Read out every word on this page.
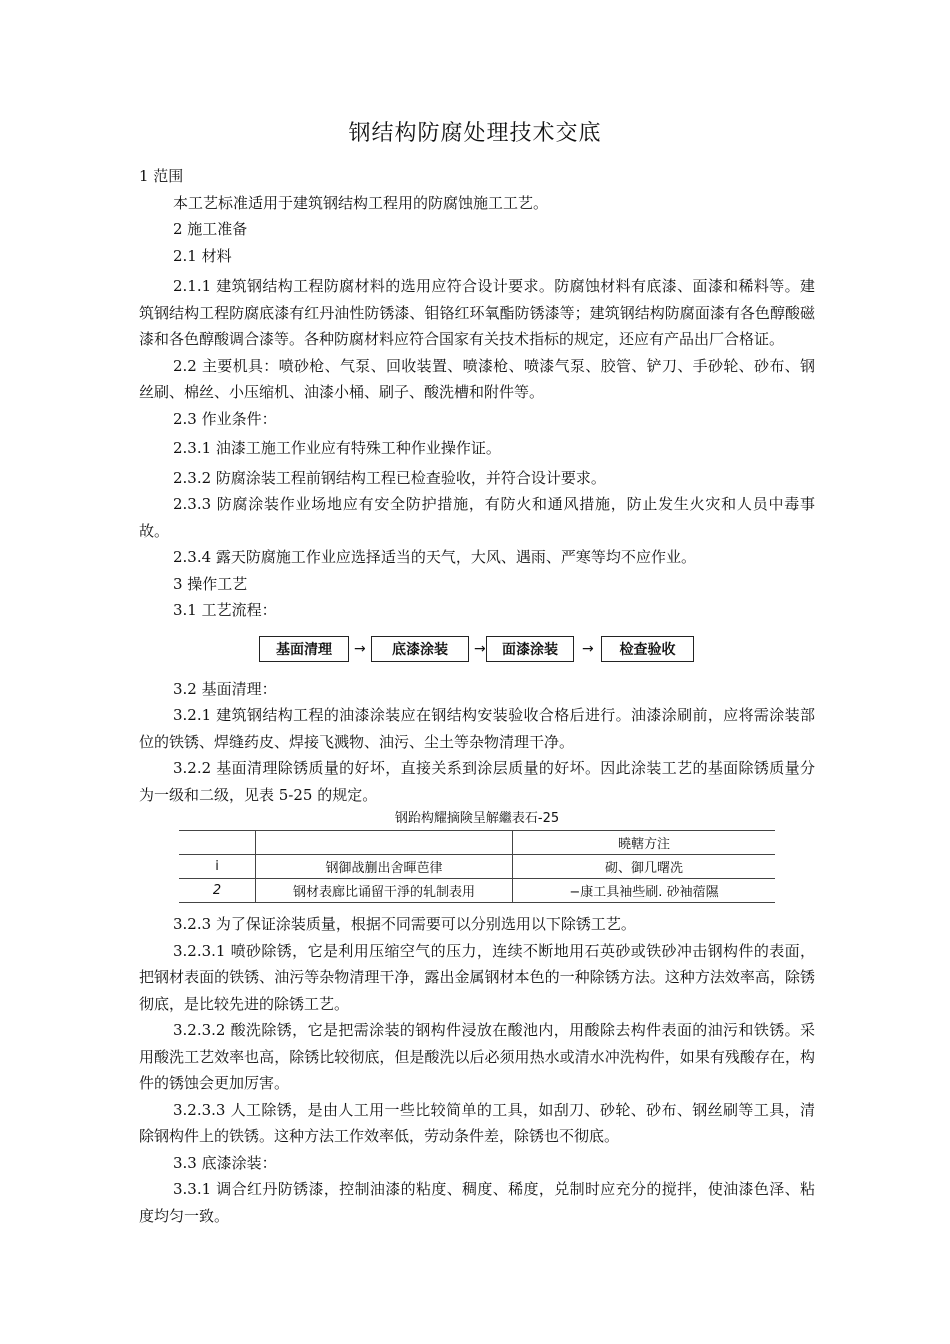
钢结构防腐处理技术交底

1 范围

本工艺标准适用于建筑钢结构工程用的防腐蚀施工工艺。

2 施工准备

2.1 材料

2.1.1 建筑钢结构工程防腐材料的选用应符合设计要求。防腐蚀材料有底漆、面漆和稀料等。建筑钢结构工程防腐底漆有红丹油性防锈漆、钼铬红环氧酯防锈漆等；建筑钢结构防腐面漆有各色醇酸磁漆和各色醇酸调合漆等。各种防腐材料应符合国家有关技术指标的规定，还应有产品出厂合格证。

2.2 主要机具：喷砂枪、气泵、回收装置、喷漆枪、喷漆气泵、胶管、铲刀、手砂轮、砂布、钢丝刷、棉丝、小压缩机、油漆小桶、刷子、酸洗槽和附件等。

2.3 作业条件：

2.3.1 油漆工施工作业应有特殊工种作业操作证。

2.3.2 防腐涂装工程前钢结构工程已检查验收，并符合设计要求。

2.3.3 防腐涂装作业场地应有安全防护措施，有防火和通风措施，防止发生火灾和人员中毒事故。

2.3.4 露天防腐施工作业应选择适当的天气，大风、遇雨、严寒等均不应作业。

3 操作工艺

3.1 工艺流程：

基面清理	→	底漆涂装	→	面漆涂装	→	检查验收

3.2 基面清理：

3.2.1 建筑钢结构工程的油漆涂装应在钢结构安装验收合格后进行。油漆涂刷前，应将需涂装部位的铁锈、焊缝药皮、焊接飞溅物、油污、尘土等杂物清理干净。

3.2.2 基面清理除锈质量的好坏，直接关系到涂层质量的好坏。因此涂装工艺的基面除锈质量分为一级和二级，见表 5-25 的规定。

钢跆构耀摘険呈解繼表石-25
		曉轄方注
i	钢御战蒯出舍暉芭律	砌、御几曙冼
2	钢材表廊比诵留干淨的轧制表用	−康工具袖些刷. 砂袖蓿隰

3.2.3 为了保证涂装质量，根据不同需要可以分别选用以下除锈工艺。

3.2.3.1 喷砂除锈，它是利用压缩空气的压力，连续不断地用石英砂或铁砂冲击钢构件的表面，把钢材表面的铁锈、油污等杂物清理干净，露出金属钢材本色的一种除锈方法。这种方法效率高，除锈彻底，是比较先进的除锈工艺。

3.2.3.2 酸洗除锈，它是把需涂装的钢构件浸放在酸池内，用酸除去构件表面的油污和铁锈。采用酸洗工艺效率也高，除锈比较彻底，但是酸洗以后必须用热水或清水冲洗构件，如果有残酸存在，构件的锈蚀会更加厉害。

3.2.3.3 人工除锈，是由人工用一些比较简单的工具，如刮刀、砂轮、砂布、钢丝刷等工具，清除钢构件上的铁锈。这种方法工作效率低，劳动条件差，除锈也不彻底。

3.3 底漆涂装：

3.3.1 调合红丹防锈漆，控制油漆的粘度、稠度、稀度，兑制时应充分的搅拌，使油漆色泽、粘度均匀一致。
